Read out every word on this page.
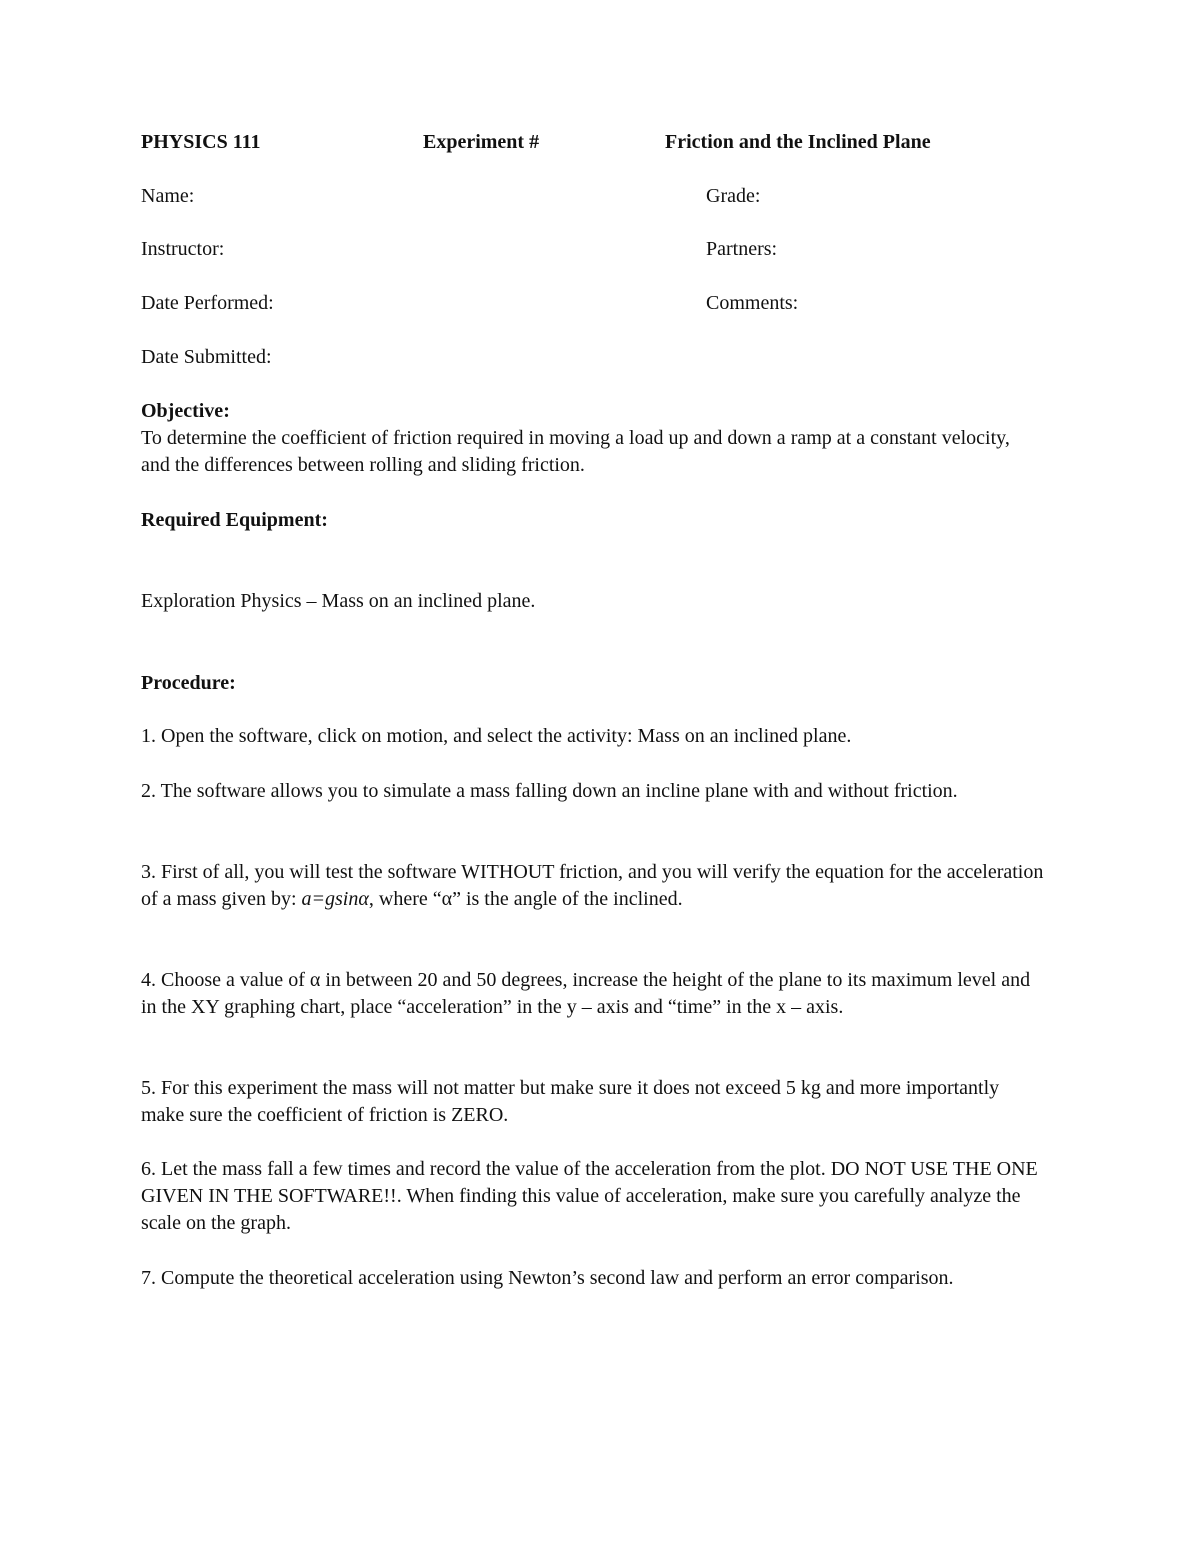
PHYSICS 111	Experiment #	Friction and the Inclined Plane
Name:	Grade:
Instructor:	Partners:
Date Performed:	Comments:
Date Submitted:
Objective:

To determine the coefficient of friction required in moving a load up and down a ramp at a constant velocity, and the differences between rolling and sliding friction.

Required Equipment:
Exploration Physics – Mass on an inclined plane.
Procedure:

1. Open the software, click on motion, and select the activity: Mass on an inclined plane.

2. The software allows you to simulate a mass falling down an incline plane with and without friction.

3. First of all, you will test the software WITHOUT friction, and you will verify the equation for the acceleration of a mass given by: a=gsinα, where “α” is the angle of the inclined.

4. Choose a value of α in between 20 and 50 degrees, increase the height of the plane to its maximum level and in the XY graphing chart, place “acceleration” in the y – axis and “time” in the x – axis.

5. For this experiment the mass will not matter but make sure it does not exceed 5 kg and more importantly make sure the coefficient of friction is ZERO.

6. Let the mass fall a few times and record the value of the acceleration from the plot. DO NOT USE THE ONE GIVEN IN THE SOFTWARE!!. When finding this value of acceleration, make sure you carefully analyze the scale on the graph.

7. Compute the theoretical acceleration using Newton’s second law and perform an error comparison.
